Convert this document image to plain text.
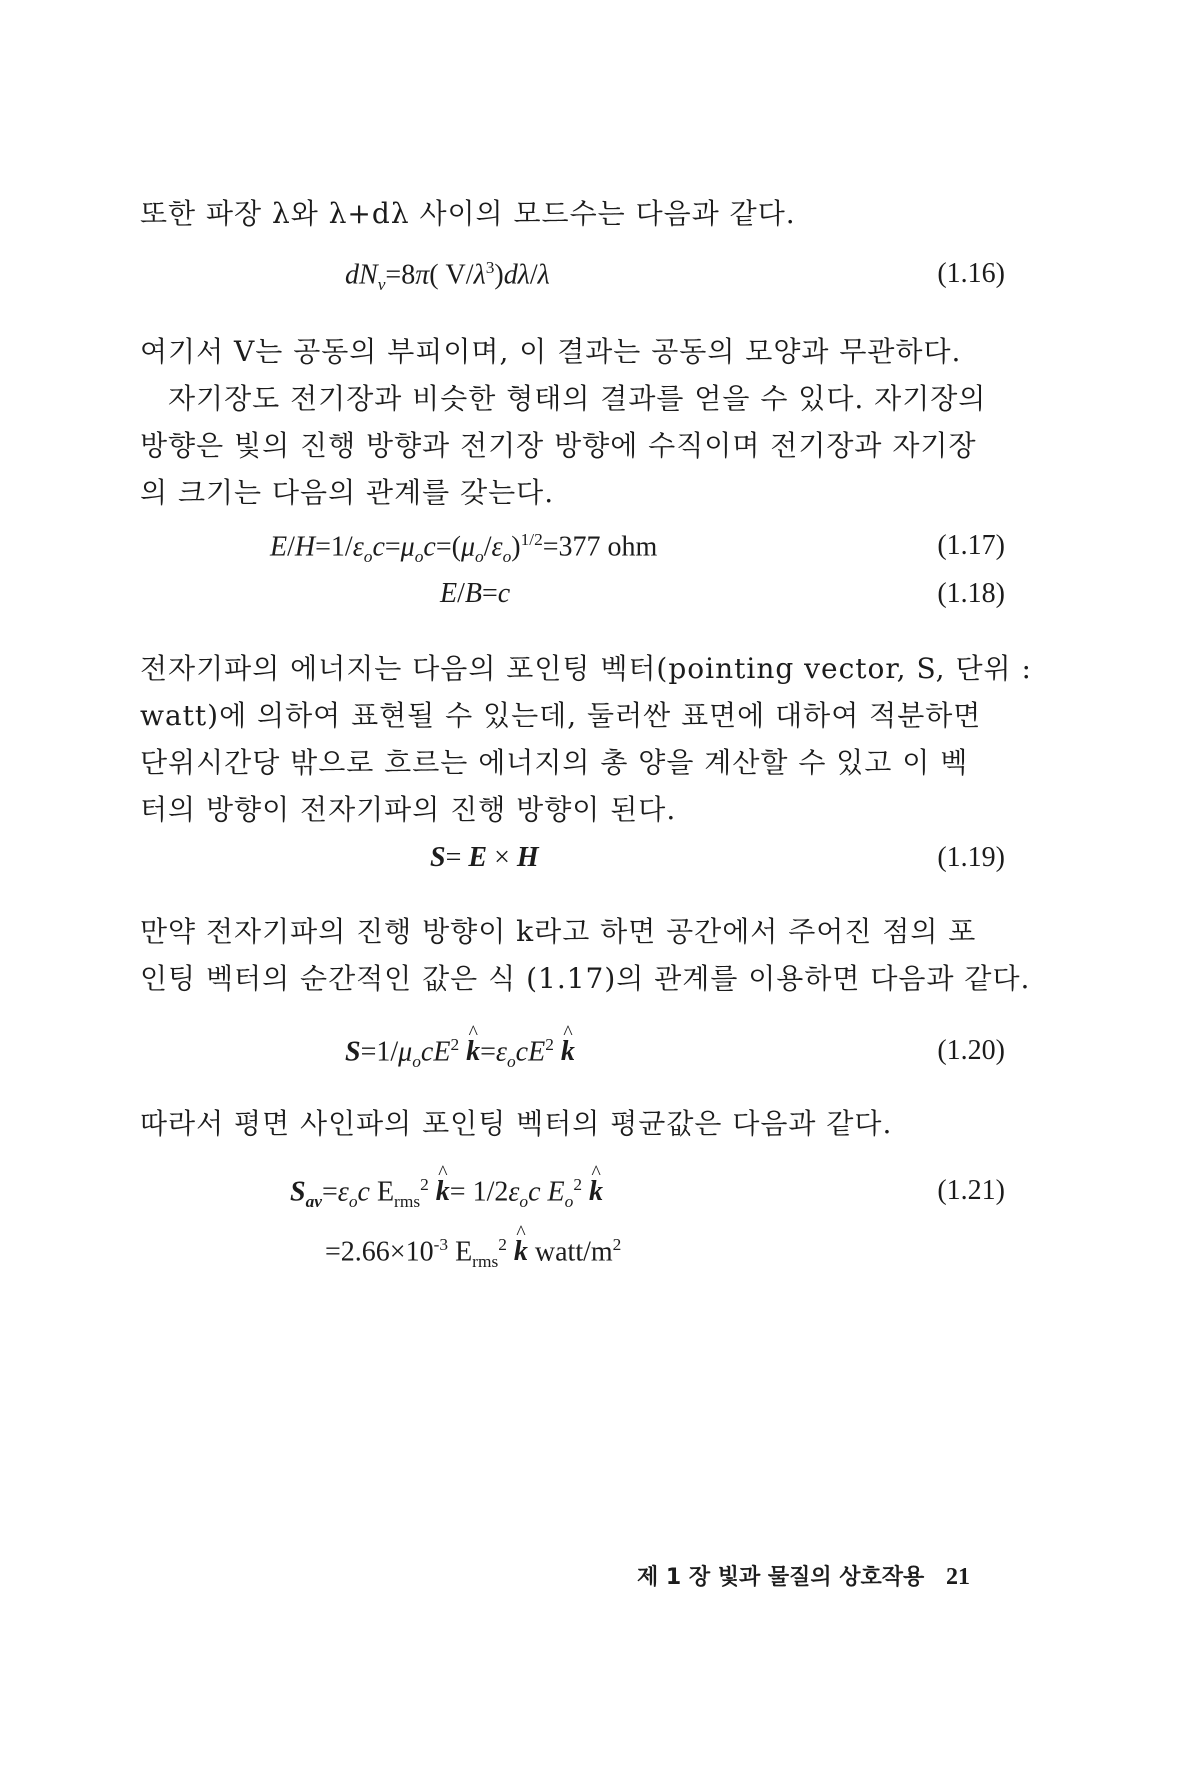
또한 파장 λ와 λ+dλ 사이의 모드수는 다음과 같다.

$dN_\nu=8\pi$( $V/\lambda^3)d\lambda/\lambda$	(1.16)

여기서 V는 공동의 부피이며, 이 결과는 공동의 모양과 무관하다.
자기장도 전기장과 비슷한 형태의 결과를 얻을 수 있다. 자기장의
방향은 빛의 진행 방향과 전기장 방향에 수직이며 전기장과 자기장
의 크기는 다음의 관계를 갖는다.

$E/H=1/\varepsilon_oc=\mu_oc=(\mu_o/\varepsilon_o)^{1/2}=377$ ohm	(1.17)
E/B=c	(1.18)

전자기파의 에너지는 다음의 포인팅 벡터(pointing vector, S, 단위 :
watt)에 의하여 표현될 수 있는데, 둘러싼 표면에 대하여 적분하면
단위시간당 밖으로 흐르는 에너지의 총 양을 계산할 수 있고 이 벡
터의 방향이 전자기파의 진행 방향이 된다.

S= E × H	(1.19)

만약 전자기파의 진행 방향이 k라고 하면 공간에서 주어진 점의 포
인팅 벡터의 순간적인 값은 식 (1.17)의 관계를 이용하면 다음과 같다.

$S=1/\mu_ocE^2$ ^ $k=\varepsilon_ocE^2$ ^ k	(1.20)

따라서 평면 사인파의 포인팅 벡터의 평균값은 다음과 같다.

$S_{av}=\varepsilon_oc$ $E_{rms}^2$ ^ $k= 1/2\varepsilon_oc$ $E_o^2$ ^ k	(1.21)
$=2.66\times 10^{-3}$ $E_{rms}^2$ ^ k watt/$m^2$
제 1 장 빛과 물질의 상호작용 21
